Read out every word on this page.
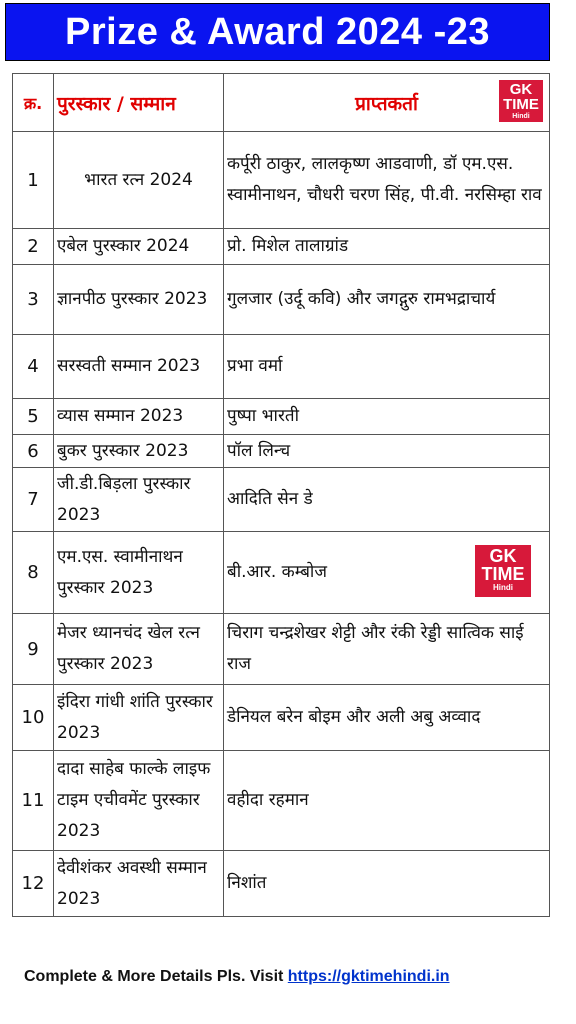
Prize & Award 2024 -23
क्र.	पुरस्कार / सम्मान	प्राप्तकर्ता
GK
TIME
Hindi

1	भारत रत्न 2024	कर्पूरी ठाकुर, लालकृष्ण आडवाणी, डॉ एम.एस. स्वामीनाथन, चौधरी चरण सिंह, पी.वी. नरसिम्हा राव
2	एबेल पुरस्कार 2024	प्रो. मिशेल तालाग्रांड
3	ज्ञानपीठ पुरस्कार 2023	गुलजार (उर्दू कवि) और जगद्गुरु रामभद्राचार्य
4	सरस्वती सम्मान 2023	प्रभा वर्मा
5	व्यास सम्मान 2023	पुष्पा भारती
6	बुकर पुरस्कार 2023	पॉल लिन्च
7	जी.डी.बिड़ला पुरस्कार 2023	आदिति सेन डे
8	एम.एस. स्वामीनाथन पुरस्कार 2023	बी.आर. कम्बोज
GK
TIME
Hindi

9	मेजर ध्यानचंद खेल रत्न पुरस्कार 2023	चिराग चन्द्रशेखर शेट्टी और रंकी रेड्डी सात्विक साई राज
10	इंदिरा गांधी शांति पुरस्कार 2023	डेनियल बरेन बोइम और अली अबु अव्वाद
11	दादा साहेब फाल्के लाइफ टाइम एचीवमेंट पुरस्कार 2023	वहीदा रहमान
12	देवीशंकर अवस्थी सम्मान 2023	निशांत
Complete & More Details Pls. Visit https://gktimehindi.in
